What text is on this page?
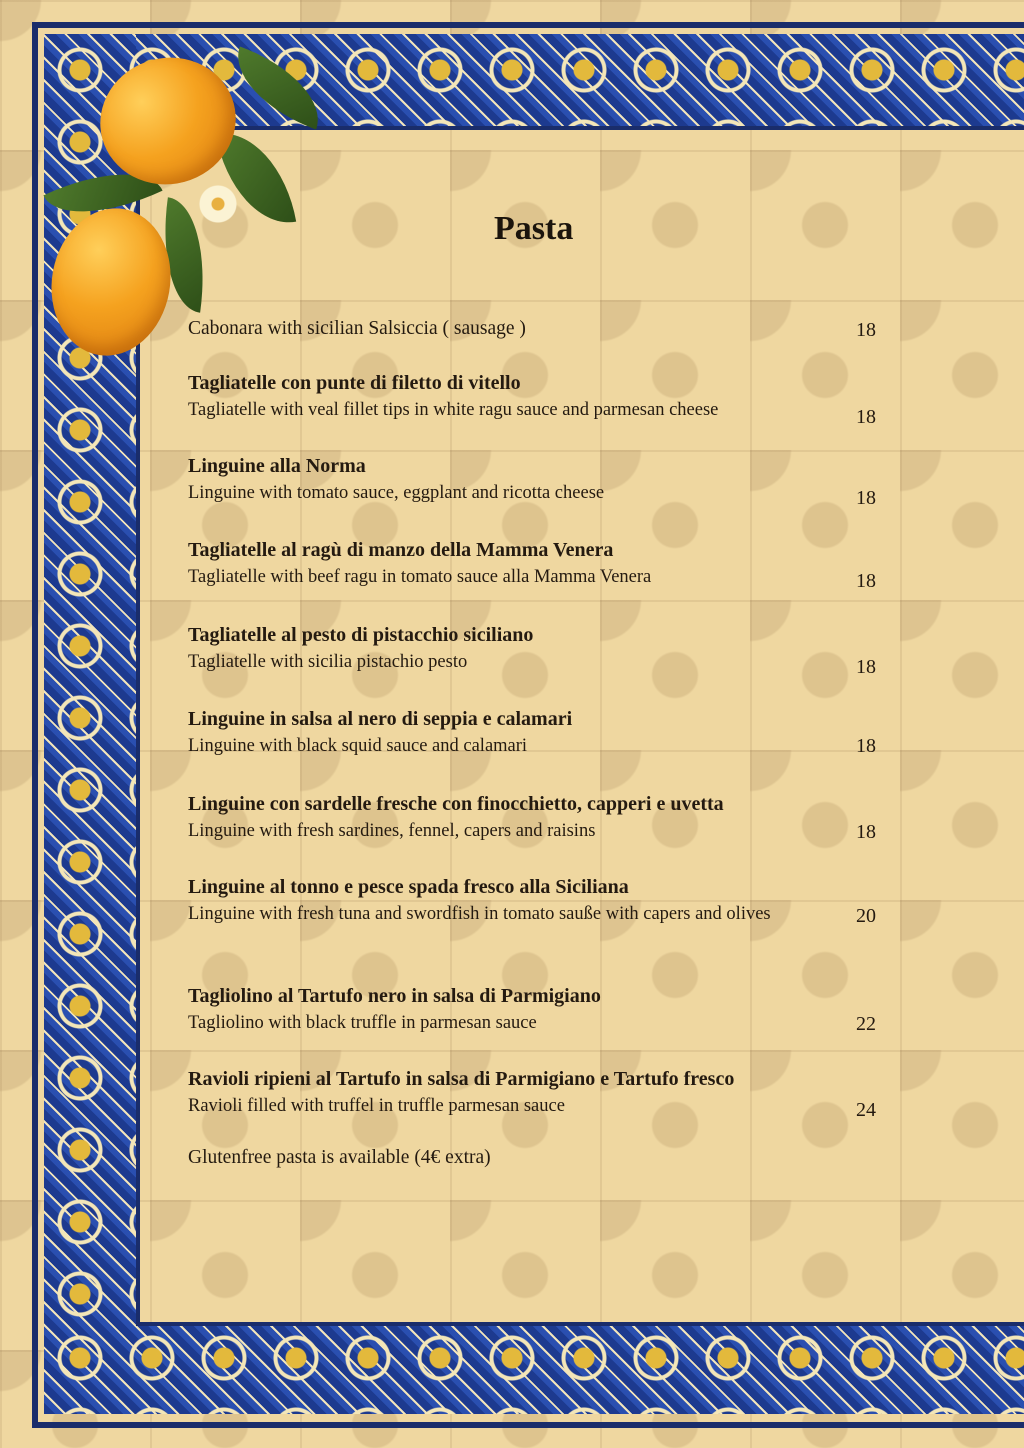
Pasta
Cabonara with sicilian Salsiccia ( sausage )	18
Tagliatelle con punte di filetto di vitello
Tagliatelle with veal fillet tips in white ragu sauce and parmesan cheese	18
Linguine alla Norma
Linguine with tomato sauce, eggplant and ricotta cheese	18
Tagliatelle al ragù di manzo della Mamma Venera
Tagliatelle with beef ragu in tomato sauce alla Mamma Venera	18
Tagliatelle al pesto di pistacchio siciliano
Tagliatelle with sicilia pistachio pesto	18
Linguine in salsa al nero di seppia e calamari
Linguine with black squid sauce and calamari	18
Linguine con sardelle fresche con finocchietto, capperi e uvetta
Linguine with fresh sardines, fennel, capers and raisins	18
Linguine al tonno e pesce spada fresco alla Siciliana
Linguine with fresh tuna and swordfish in tomato sauße with capers and olives	20
Tagliolino al Tartufo nero in salsa di Parmigiano
Tagliolino with black truffle in parmesan sauce	22
Ravioli ripieni al Tartufo in salsa di Parmigiano e Tartufo fresco
Ravioli filled with truffel in truffle parmesan sauce	24
Glutenfree pasta is available (4€ extra)
